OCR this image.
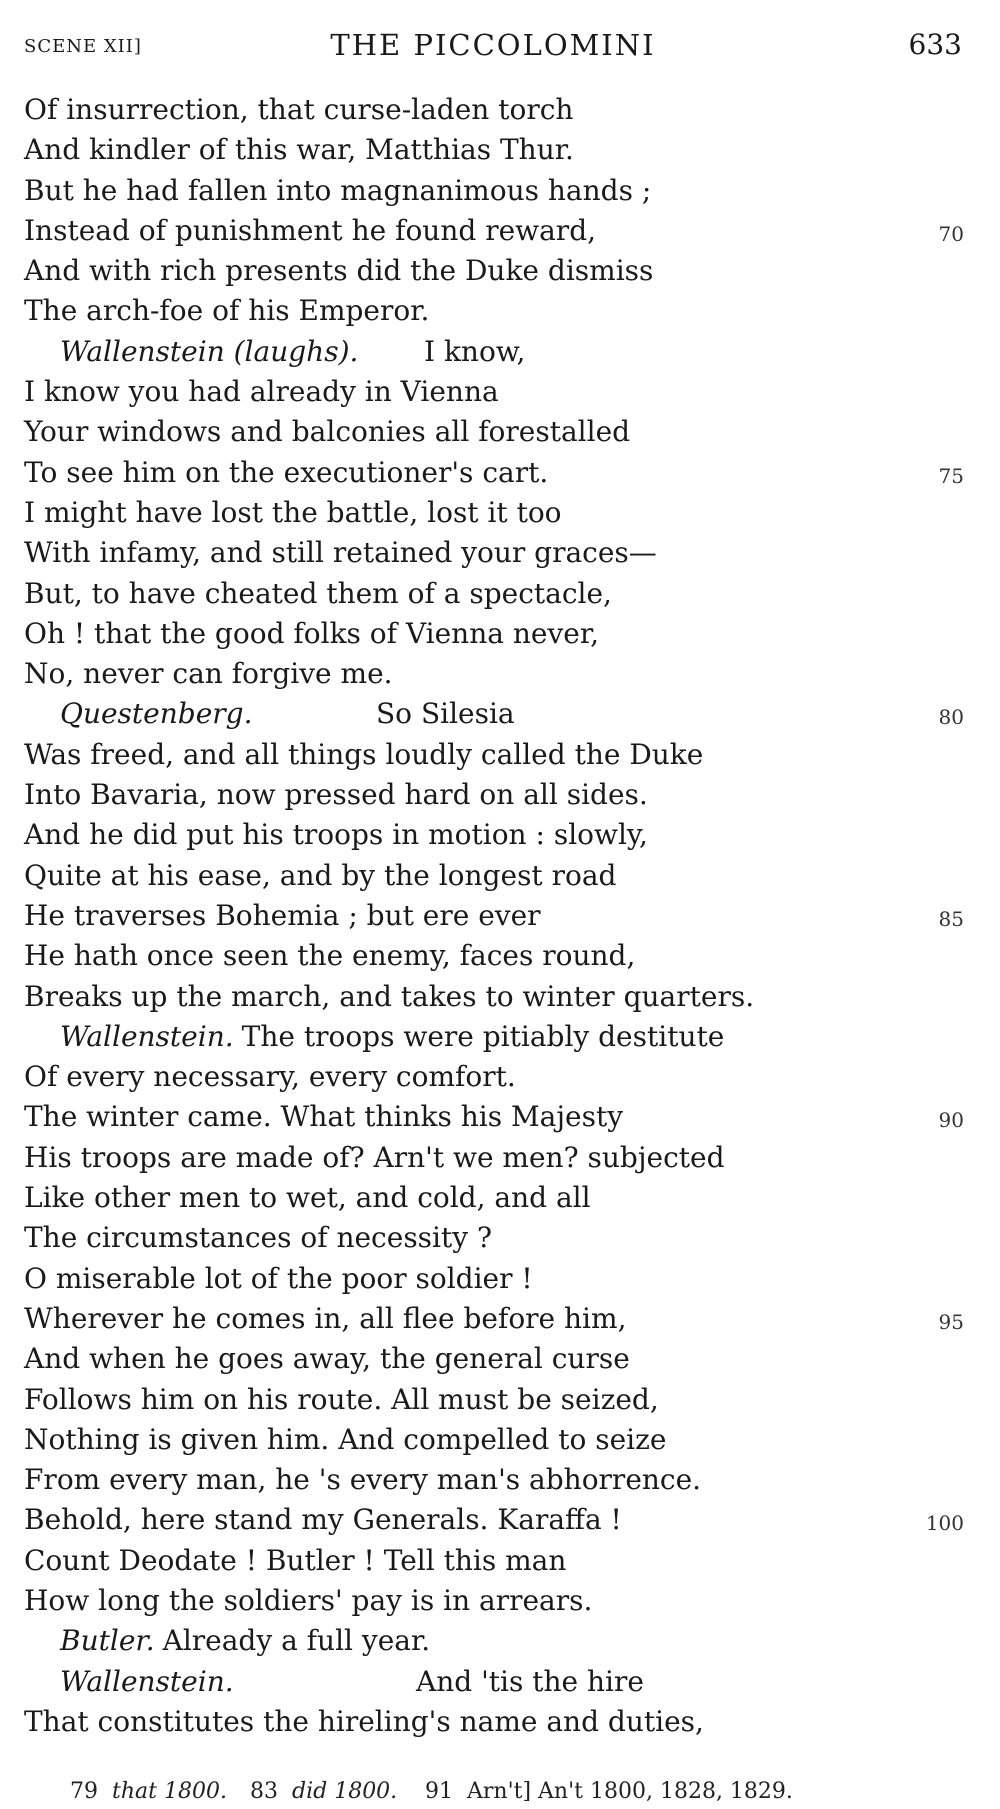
SCENE XII]	THE PICCOLOMINI	633
Of insurrection, that curse-laden torch
And kindler of this war, Matthias Thur.
But he had fallen into magnanimous hands ;
Instead of punishment he found reward,	70
And with rich presents did the Duke dismiss
The arch-foe of his Emperor.
Wallenstein (laughs). I know,
I know you had already in Vienna
Your windows and balconies all forestalled
To see him on the executioner's cart.	75
I might have lost the battle, lost it too
With infamy, and still retained your graces—
But, to have cheated them of a spectacle,
Oh ! that the good folks of Vienna never,
No, never can forgive me.
Questenberg.	So Silesia	80
Was freed, and all things loudly called the Duke
Into Bavaria, now pressed hard on all sides.
And he did put his troops in motion : slowly,
Quite at his ease, and by the longest road
He traverses Bohemia ; but ere ever	85
He hath once seen the enemy, faces round,
Breaks up the march, and takes to winter quarters.
Wallenstein. The troops were pitiably destitute
Of every necessary, every comfort.
The winter came. What thinks his Majesty	90
His troops are made of? Arn't we men? subjected
Like other men to wet, and cold, and all
The circumstances of necessity ?
O miserable lot of the poor soldier !
Wherever he comes in, all flee before him,	95
And when he goes away, the general curse
Follows him on his route. All must be seized,
Nothing is given him. And compelled to seize
From every man, he 's every man's abhorrence.
Behold, here stand my Generals. Karaffa !	100
Count Deodate ! Butler ! Tell this man
How long the soldiers' pay is in arrears.
Butler. Already a full year.
Wallenstein.	And 'tis the hire
That constitutes the hireling's name and duties,
79 that 1800. 83 did 1800. 91 Arn't] An't 1800, 1828, 1829.
